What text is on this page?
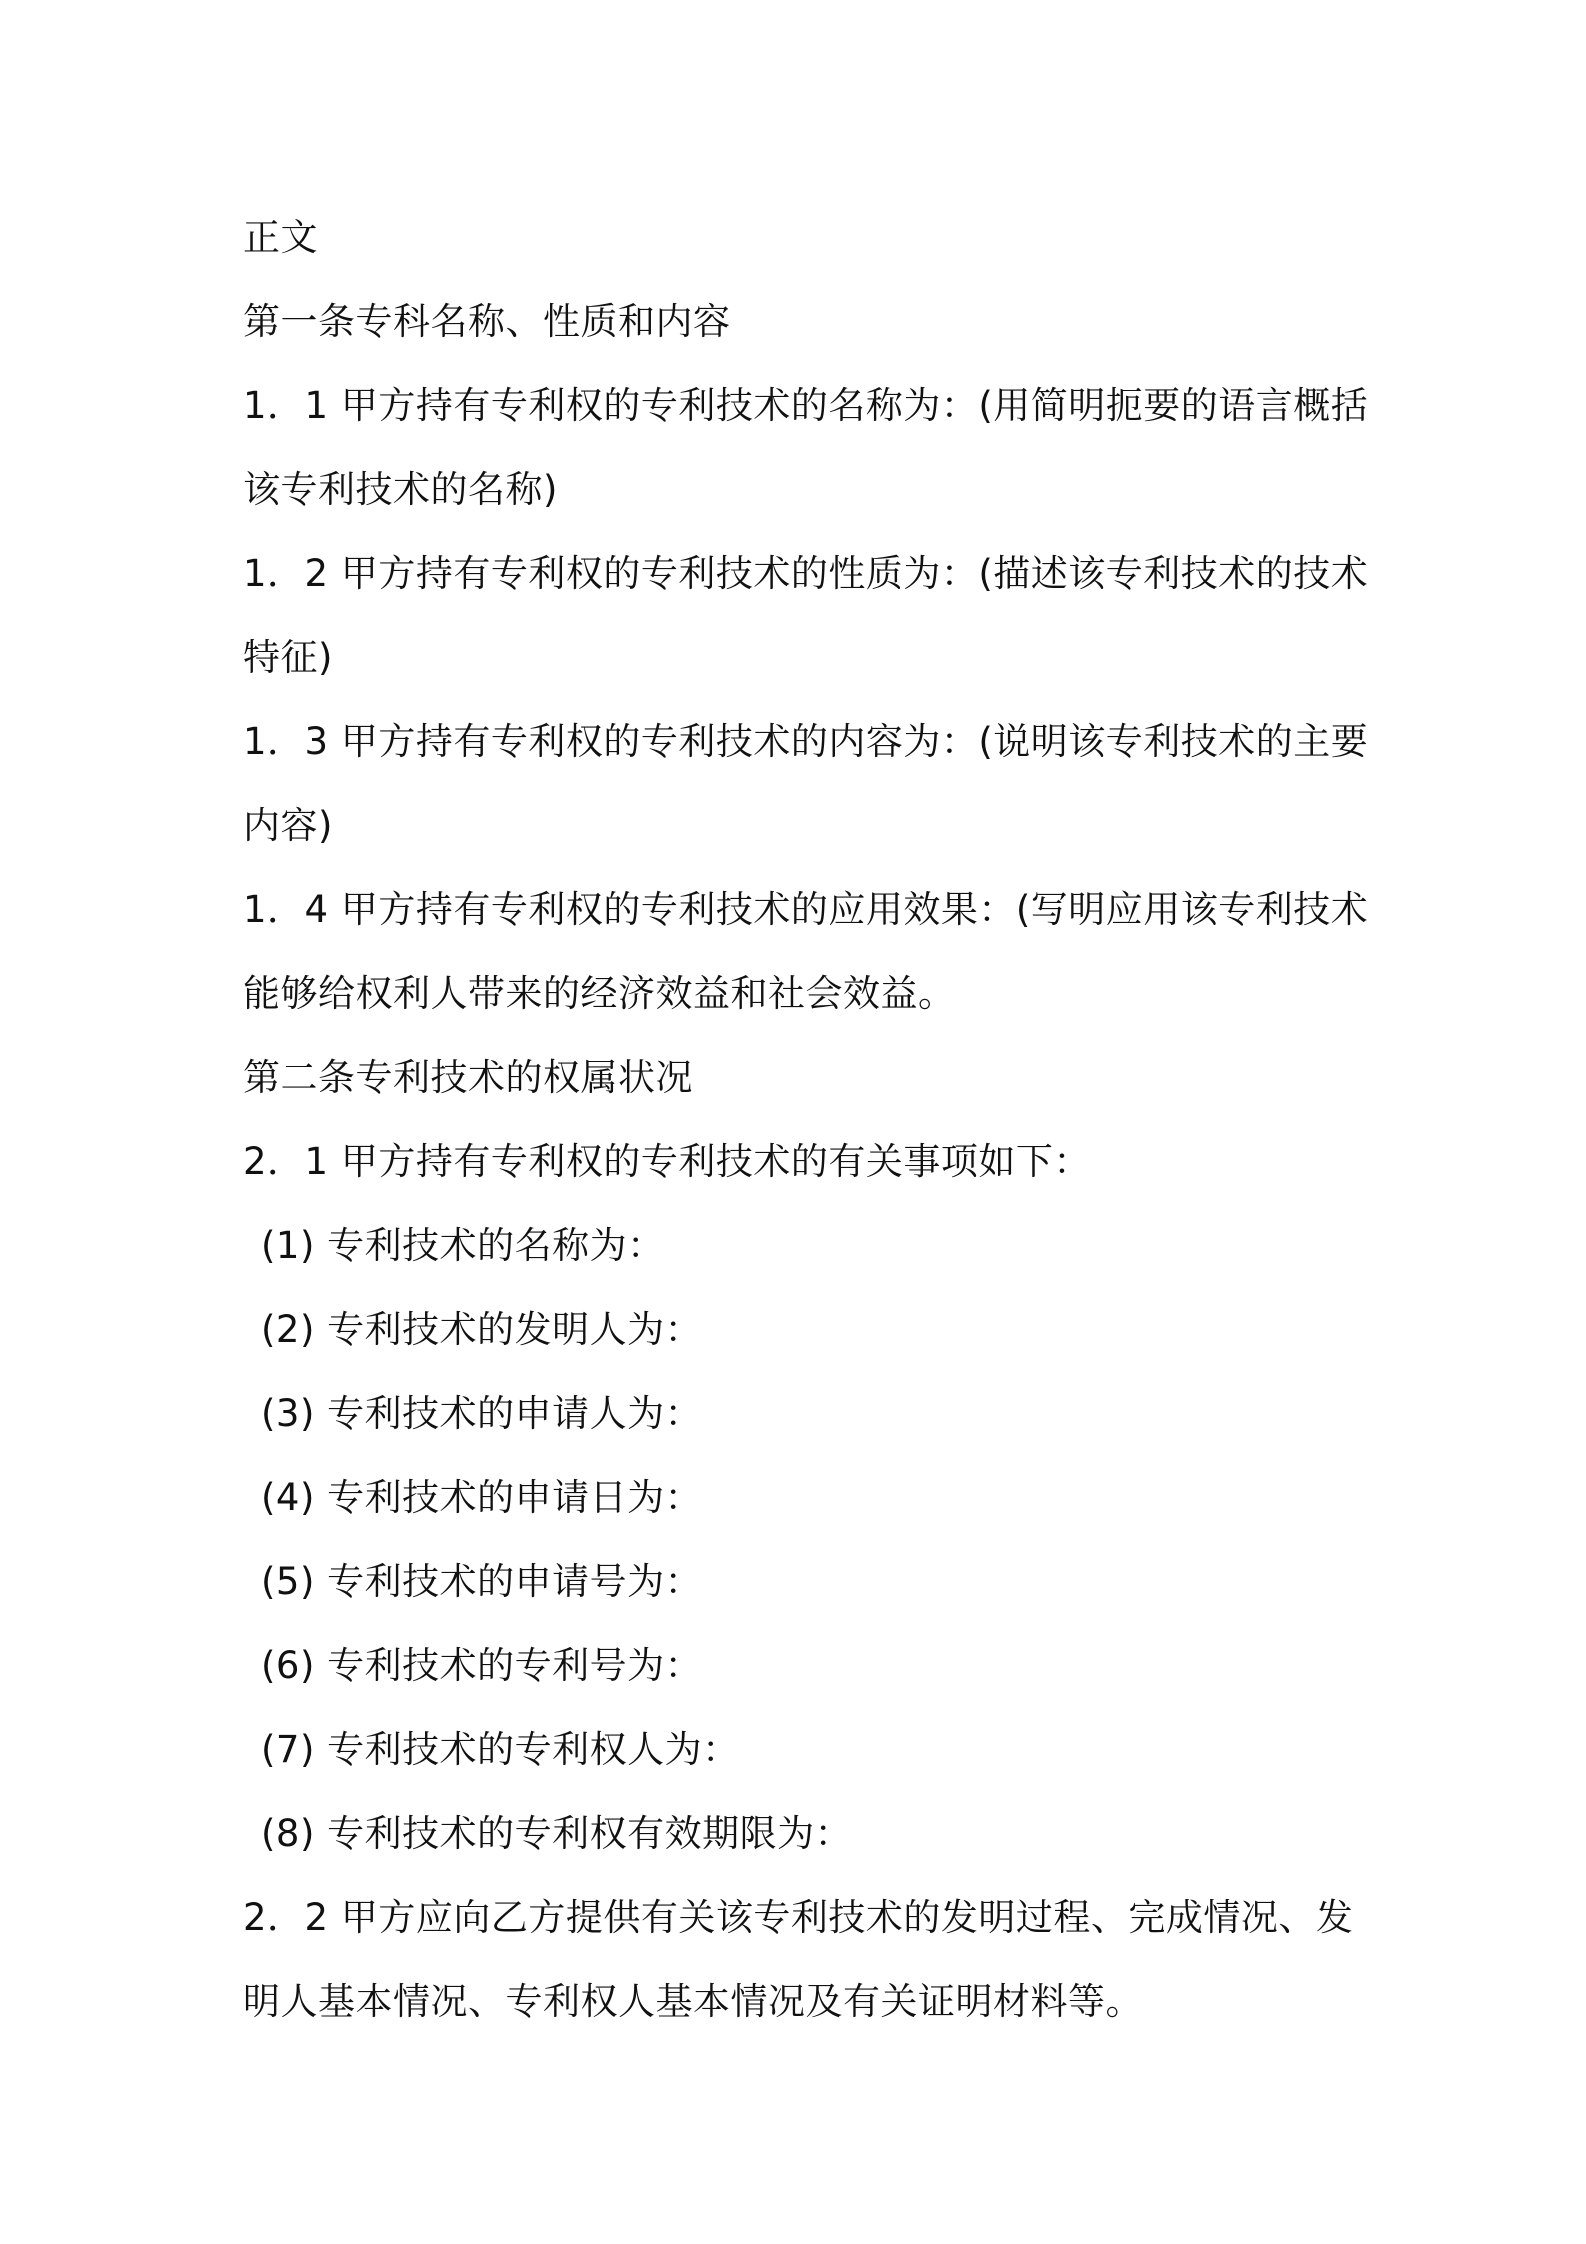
正文
第一条专科名称、性质和内容
1．1 甲方持有专利权的专利技术的名称为：(用简明扼要的语言概括
该专利技术的名称)
1．2 甲方持有专利权的专利技术的性质为：(描述该专利技术的技术
特征)
1．3 甲方持有专利权的专利技术的内容为：(说明该专利技术的主要
内容)
1．4 甲方持有专利权的专利技术的应用效果：(写明应用该专利技术
能够给权利人带来的经济效益和社会效益。
第二条专利技术的权属状况
2．1 甲方持有专利权的专利技术的有关事项如下：
(1) 专利技术的名称为：
(2) 专利技术的发明人为：
(3) 专利技术的申请人为：
(4) 专利技术的申请日为：
(5) 专利技术的申请号为：
(6) 专利技术的专利号为：
(7) 专利技术的专利权人为：
(8) 专利技术的专利权有效期限为：
2．2 甲方应向乙方提供有关该专利技术的发明过程、完成情况、发
明人基本情况、专利权人基本情况及有关证明材料等。
